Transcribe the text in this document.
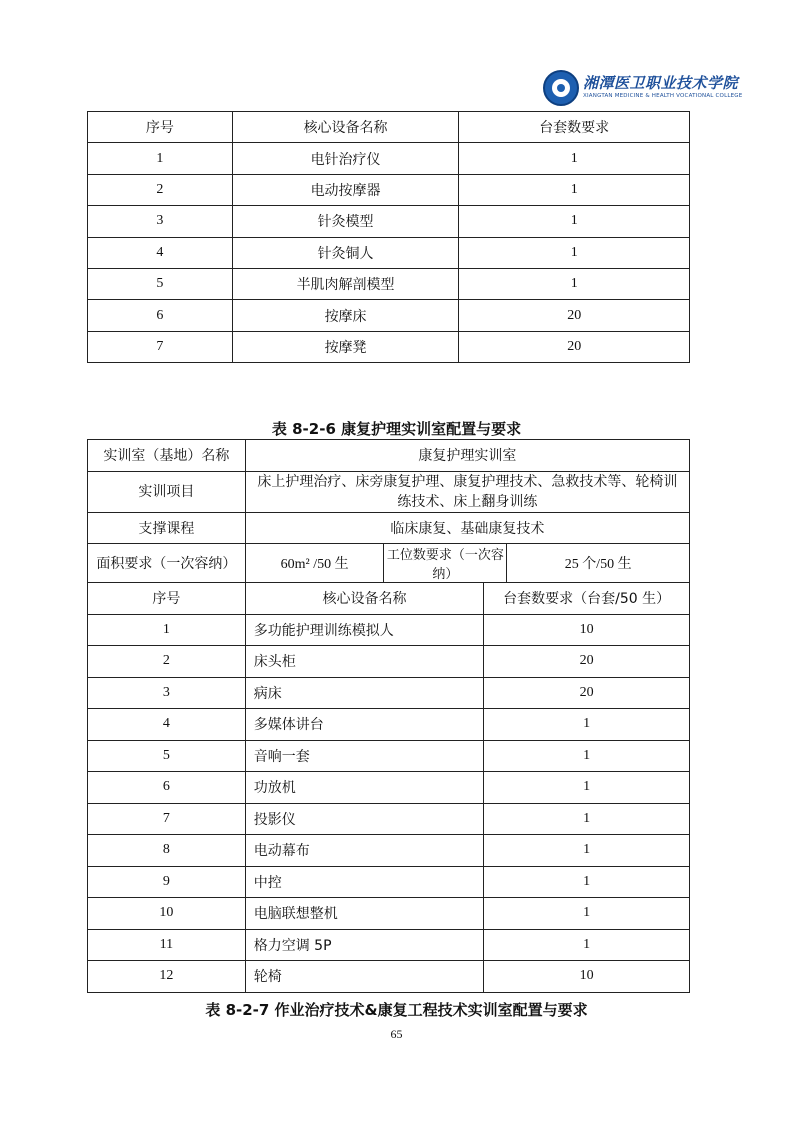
湘潭医卫职业技术学院
XIANGTAN MEDICINE & HEALTH VOCATIONAL COLLEGE
序号	核心设备名称	台套数要求
1	电针治疗仪	1
2	电动按摩器	1
3	针灸模型	1
4	针灸铜人	1
5	半肌肉解剖模型	1
6	按摩床	20
7	按摩凳	20
表 8-2-6 康复护理实训室配置与要求
实训室（基地）名称	康复护理实训室			
实训项目	床上护理治疗、床旁康复护理、康复护理技术、急救技术等、轮椅训练技术、床上翻身训练			
支撑课程	临床康复、基础康复技术			
面积要求（一次容纳）	60m² /50 生	工位数要求（一次容纳）		25 个/50 生
序号	核心设备名称		台套数要求（台套/50 生）	
1	多功能护理训练模拟人		10	
2	床头柜		20	
3	病床		20	
4	多媒体讲台		1	
5	音响一套		1	
6	功放机		1	
7	投影仪		1	
8	电动幕布		1	
9	中控		1	
10	电脑联想整机		1	
11	格力空调 5P		1	
12	轮椅		10	
表 8-2-7 作业治疗技术&康复工程技术实训室配置与要求
65
